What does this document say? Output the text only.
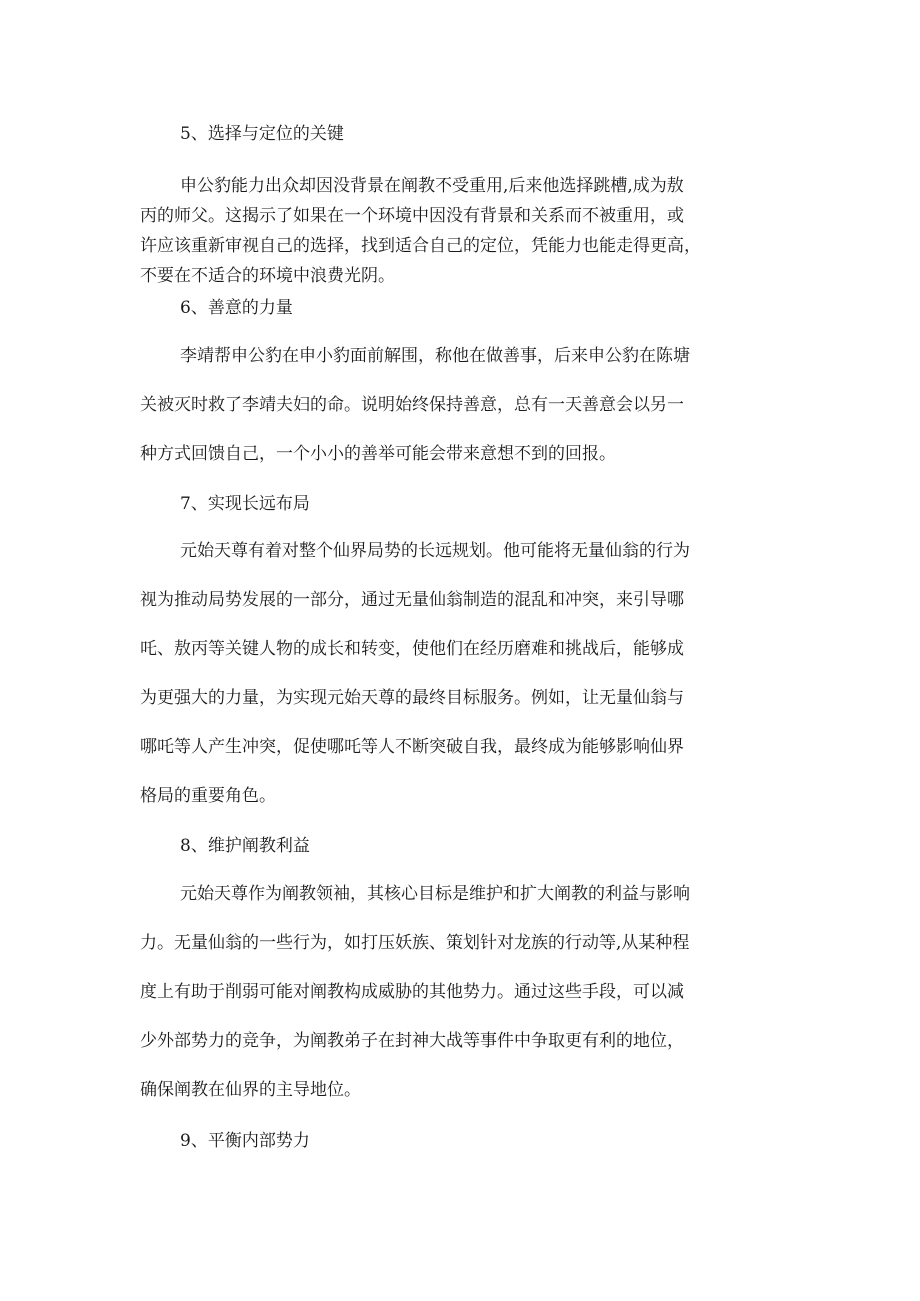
5、选择与定位的关键
申公豹能力出众却因没背景在阐教不受重用,后来他选择跳槽,成为敖
丙的师父。这揭示了如果在一个环境中因没有背景和关系而不被重用，或
许应该重新审视自己的选择，找到适合自己的定位，凭能力也能走得更高，
不要在不适合的环境中浪费光阴。
6、善意的力量
李靖帮申公豹在申小豹面前解围，称他在做善事，后来申公豹在陈塘
关被灭时救了李靖夫妇的命。说明始终保持善意，总有一天善意会以另一
种方式回馈自己，一个小小的善举可能会带来意想不到的回报。
7、实现长远布局
元始天尊有着对整个仙界局势的长远规划。他可能将无量仙翁的行为
视为推动局势发展的一部分，通过无量仙翁制造的混乱和冲突，来引导哪
吒、敖丙等关键人物的成长和转变，使他们在经历磨难和挑战后，能够成
为更强大的力量，为实现元始天尊的最终目标服务。例如，让无量仙翁与
哪吒等人产生冲突，促使哪吒等人不断突破自我，最终成为能够影响仙界
格局的重要角色。
8、维护阐教利益
元始天尊作为阐教领袖，其核心目标是维护和扩大阐教的利益与影响
力。无量仙翁的一些行为，如打压妖族、策划针对龙族的行动等,从某种程
度上有助于削弱可能对阐教构成威胁的其他势力。通过这些手段，可以减
少外部势力的竞争，为阐教弟子在封神大战等事件中争取更有利的地位，
确保阐教在仙界的主导地位。
9、平衡内部势力
